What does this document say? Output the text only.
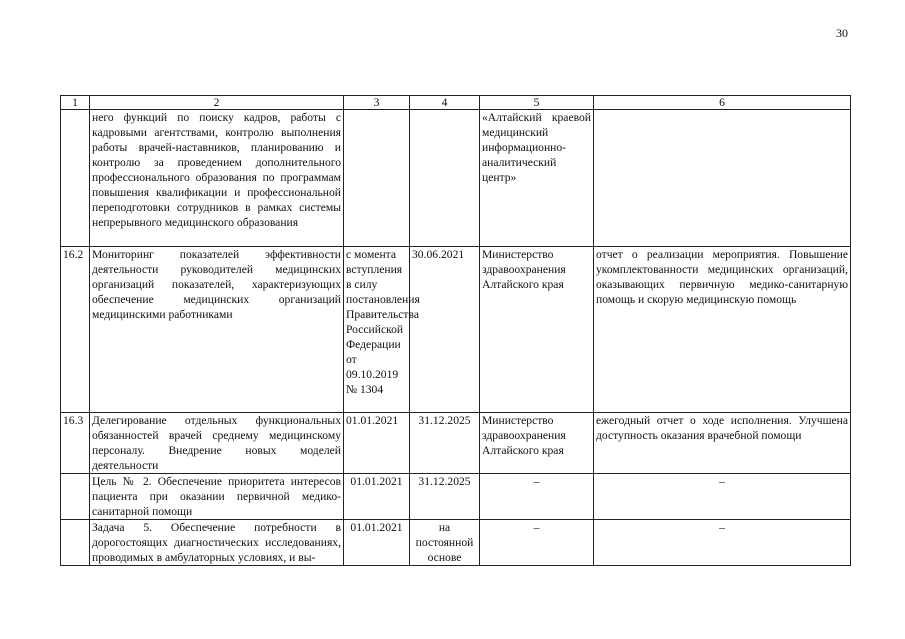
30
1	2	3	4	5	6
	него функций по поиску кадров, работы с кадровыми агентствами, контролю выполнения работы врачей-наставников, планированию и контролю за проведением дополнительного профессионального образования по программам повышения квалификации и профессиональной переподготовки сотрудников в рамках системы непрерывного медицинского образования			«Алтайский краевой медицинский информационно-аналитический центр»	
16.2	Мониторинг показателей эффективности деятельности руководителей медицинских организаций показателей, характеризующих обеспечение медицинских организаций медицинскими работниками	с момента вступления в силу постановления Правительства Российской Федерации от 09.10.2019 № 1304	30.06.2021	Министерство здравоохранения Алтайского края	отчет о реализации мероприятия. Повышение укомплектованности медицинских организаций, оказывающих первичную медико-санитарную помощь и скорую медицинскую помощь
16.3	Делегирование отдельных функциональных обязанностей врачей среднему медицинскому персоналу. Внедрение новых моделей деятельности	01.01.2021	31.12.2025	Министерство здравоохранения Алтайского края	ежегодный отчет о ходе исполнения. Улучшена доступность оказания врачебной помощи
	Цель № 2. Обеспечение приоритета интересов пациента при оказании первичной медико-санитарной помощи	01.01.2021	31.12.2025	–	–
	Задача 5. Обеспечение потребности в дорогостоящих диагностических исследованиях, проводимых в амбулаторных условиях, и вы-	01.01.2021	на постоянной основе	–	–
